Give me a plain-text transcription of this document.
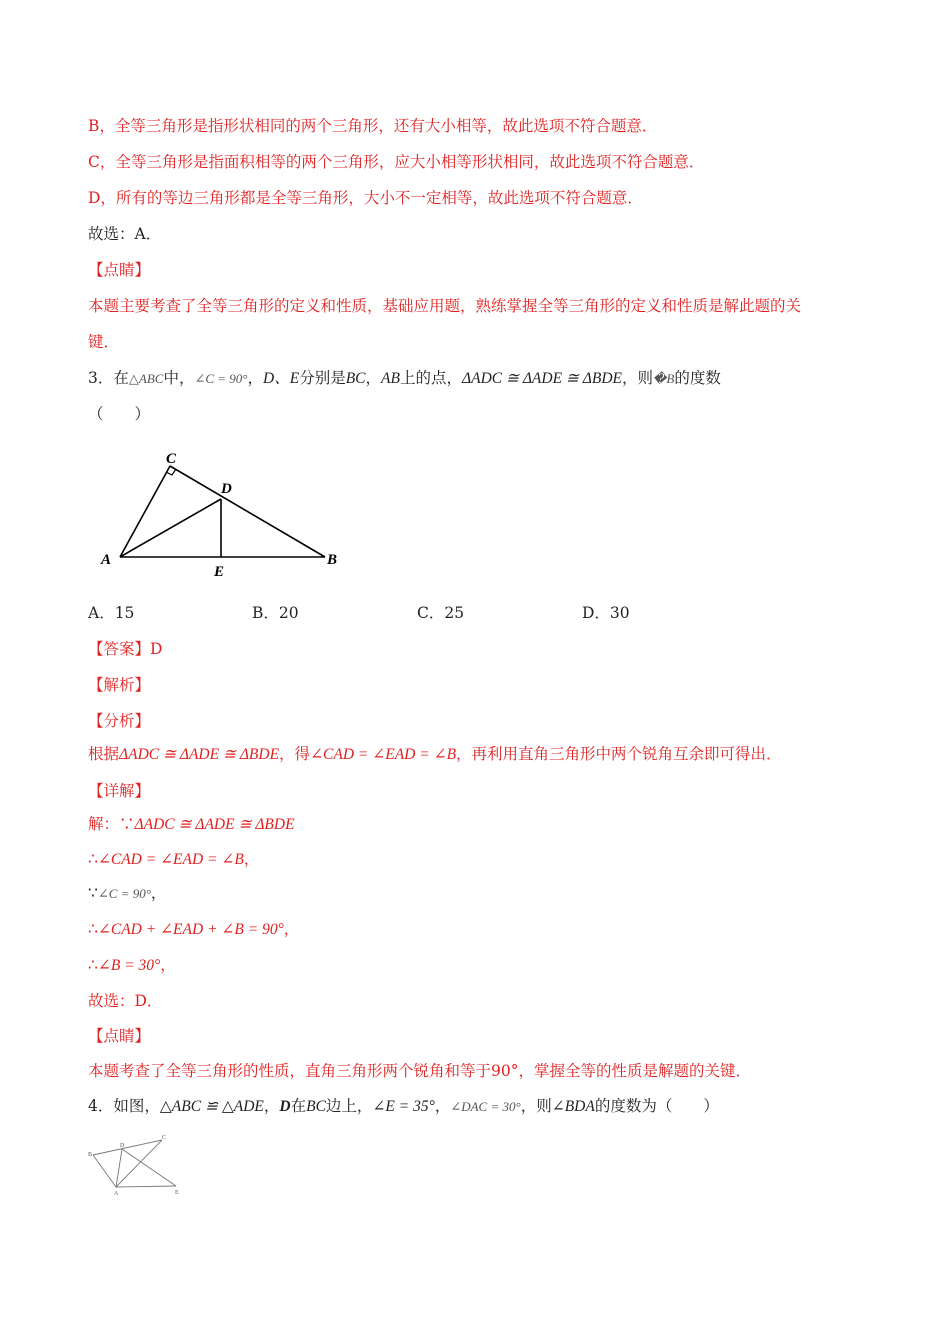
B，全等三角形是指形状相同的两个三角形，还有大小相等，故此选项不符合题意．
C，全等三角形是指面积相等的两个三角形，应大小相等形状相同，故此选项不符合题意．
D，所有的等边三角形都是全等三角形，大小不一定相等，故此选项不符合题意．
故选：A．
【点睛】
本题主要考查了全等三角形的定义和性质，基础应用题，熟练掌握全等三角形的定义和性质是解此题的关
键．
3．在△ABC中，∠C = 90°，D、E分别是BC，AB上的点，ΔADC ≅ ΔADE ≅ ΔBDE，则�B的度数
（　　）
C
D
A
E
B
A．15	B．20	C．25	D．30
【答案】D
【解析】
【分析】
根据ΔADC ≅ ΔADE ≅ ΔBDE，得∠CAD = ∠EAD = ∠B，再利用直角三角形中两个锐角互余即可得出．
【详解】
解：∵ΔADC ≅ ΔADE ≅ ΔBDE
∴∠CAD = ∠EAD = ∠B，
∵∠C = 90°，
∴∠CAD + ∠EAD + ∠B = 90°，
∴∠B = 30°，
故选：D．
【点睛】
本题考查了全等三角形的性质，直角三角形两个锐角和等于90°，掌握全等的性质是解题的关键．
4．如图，△ABC ≌ △ADE，D在BC边上，∠E = 35°，∠DAC = 30°，则∠BDA的度数为（　　）
B
D
C
A	E
